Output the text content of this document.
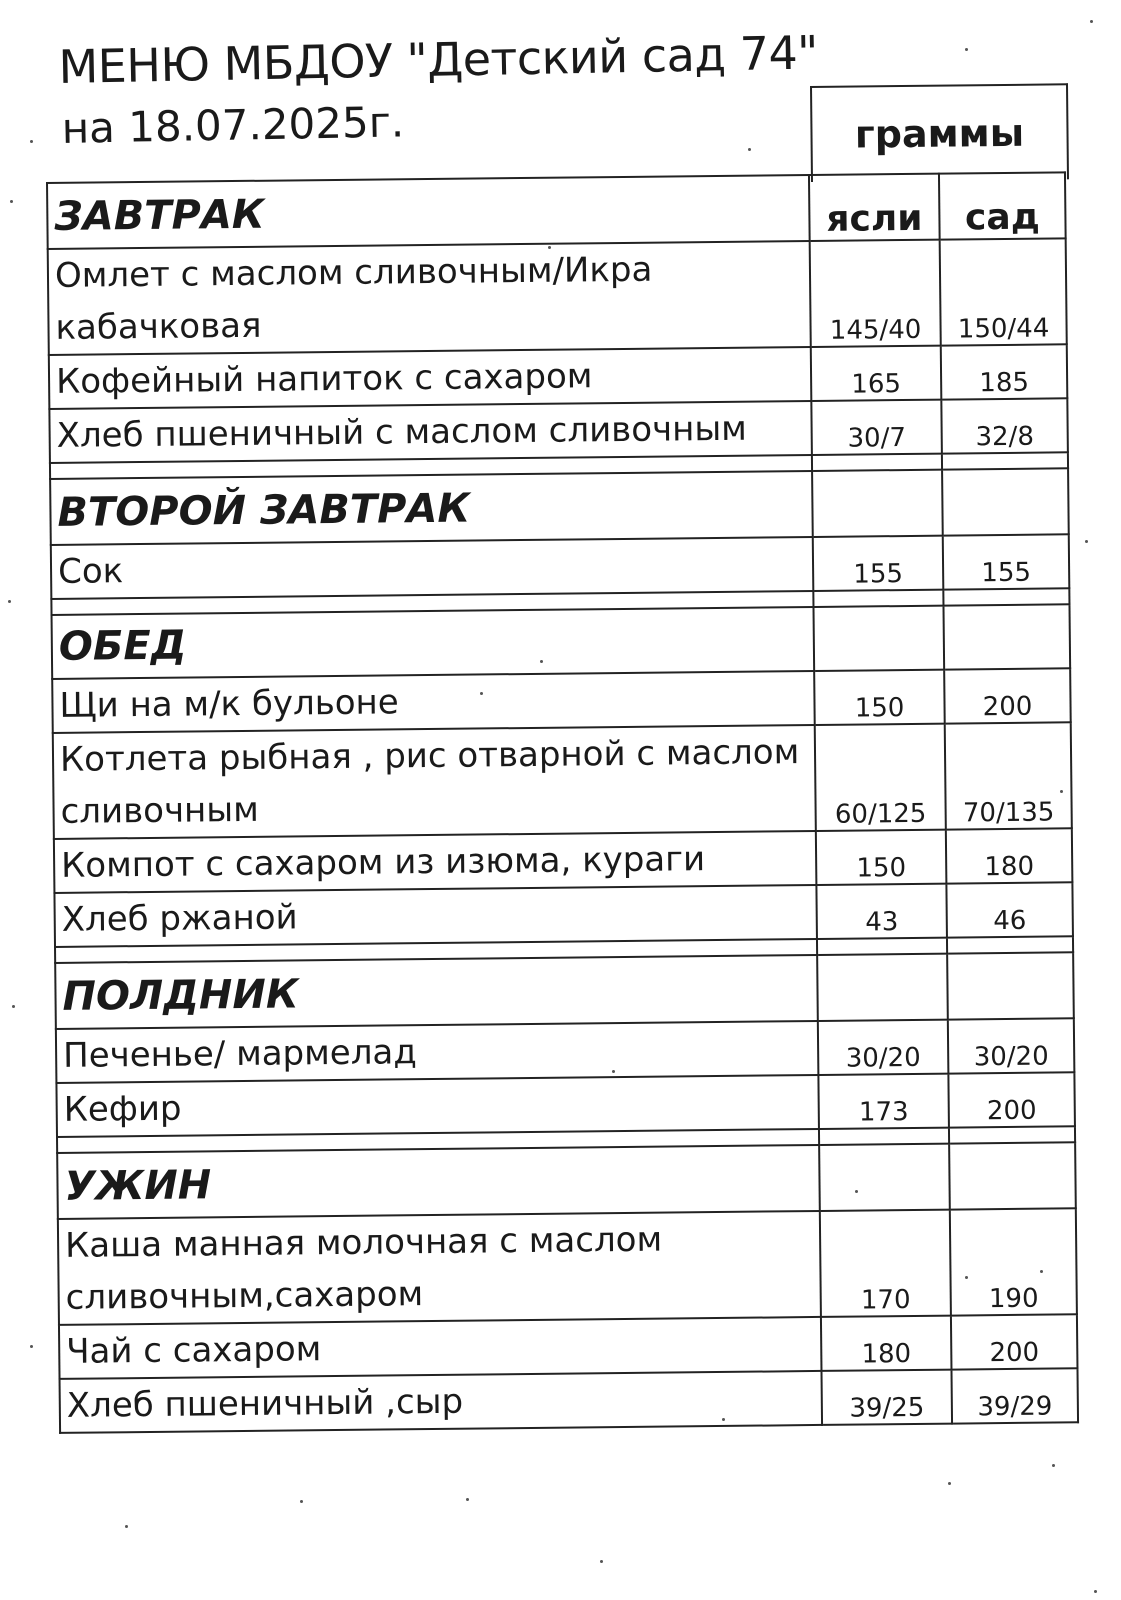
МЕНЮ МБДОУ "Детский сад 74"
на 18.07.2025г.	граммы
ЗАВТРАК	ясли	сад
Омлет с маслом сливочным/Икра кабачковая	145/40	150/44
Кофейный напиток с сахаром	165	185
Хлеб пшеничный с маслом сливочным	30/7	32/8

ВТОРОЙ ЗАВТРАК		
Сок	155	155

ОБЕД		
Щи на м/к бульоне	150	200
Котлета рыбная , рис отварной с маслом сливочным	60/125	70/135
Компот с сахаром из изюма, кураги	150	180
Хлеб ржаной	43	46

ПОЛДНИК		
Печенье/ мармелад	30/20	30/20
Кефир	173	200

УЖИН		
Каша манная молочная с маслом сливочным,сахаром	170	190
Чай с сахаром	180	200
Хлеб пшеничный ,сыр	39/25	39/29
